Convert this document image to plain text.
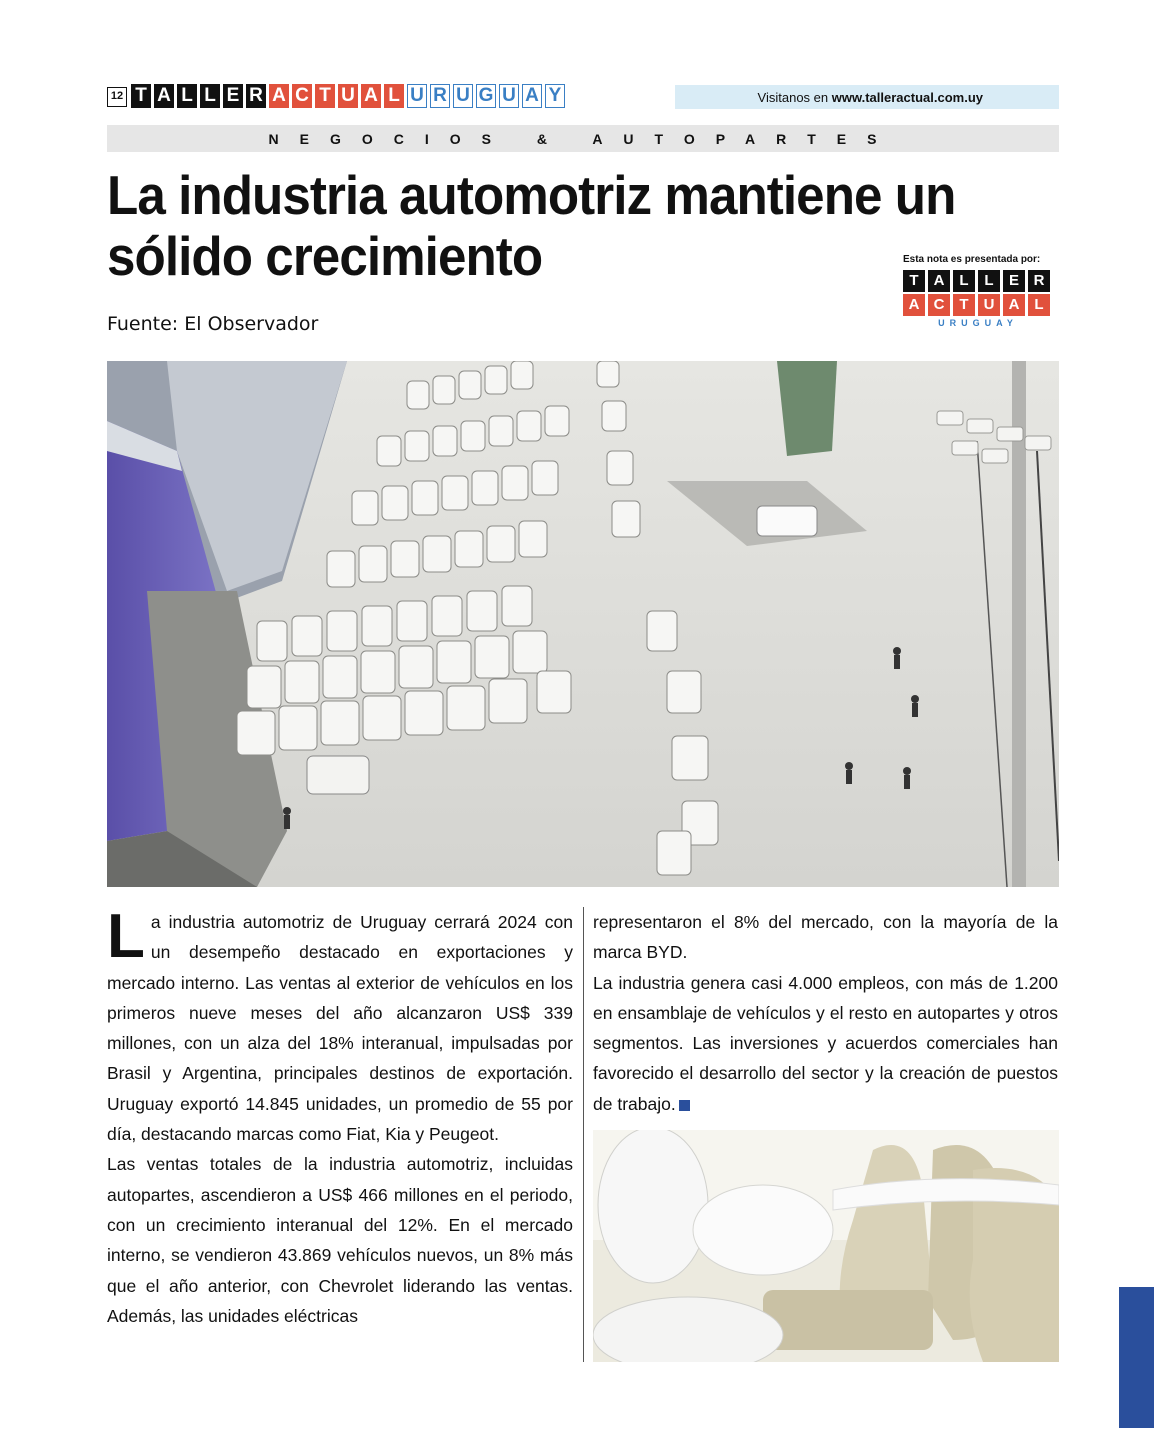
12 T A L L E R A C T U A L U R U G U A Y	Visitanos en www.talleractual.com.uy
NEGOCIOS & AUTOPARTES
La industria automotriz mantiene un sólido crecimiento	Esta nota es presentada por:
T	A L	L	E R
A C T	U A L
URUGUAY
Fuente: El Observador

La industria automotriz de Uruguay cerrará 2024 con un desempeño destacado en exportaciones y mercado interno. Las ventas al exterior de vehículos en los primeros nueve meses del año alcanzaron US$ 339 millones, con un alza del 18% interanual, impulsadas por Brasil y Argentina, principales destinos de exportación. Uruguay exportó 14.845 unidades, un promedio de 55 por día, destacando marcas como Fiat, Kia y Peugeot.

Las ventas totales de la industria automotriz, incluidas autopartes, ascendieron a US$ 466 millones en el periodo, con un crecimiento interanual del 12%. En el mercado interno, se vendieron 43.869 vehículos nuevos, un 8% más que el año anterior, con Chevrolet liderando las ventas. Además, las unidades eléctricas

representaron el 8% del mercado, con la mayoría de la marca BYD.

La industria genera casi 4.000 empleos, con más de 1.200 en ensamblaje de vehículos y el resto en autopartes y otros segmentos. Las inversiones y acuerdos comerciales han favorecido el desarrollo del sector y la creación de puestos de trabajo.
